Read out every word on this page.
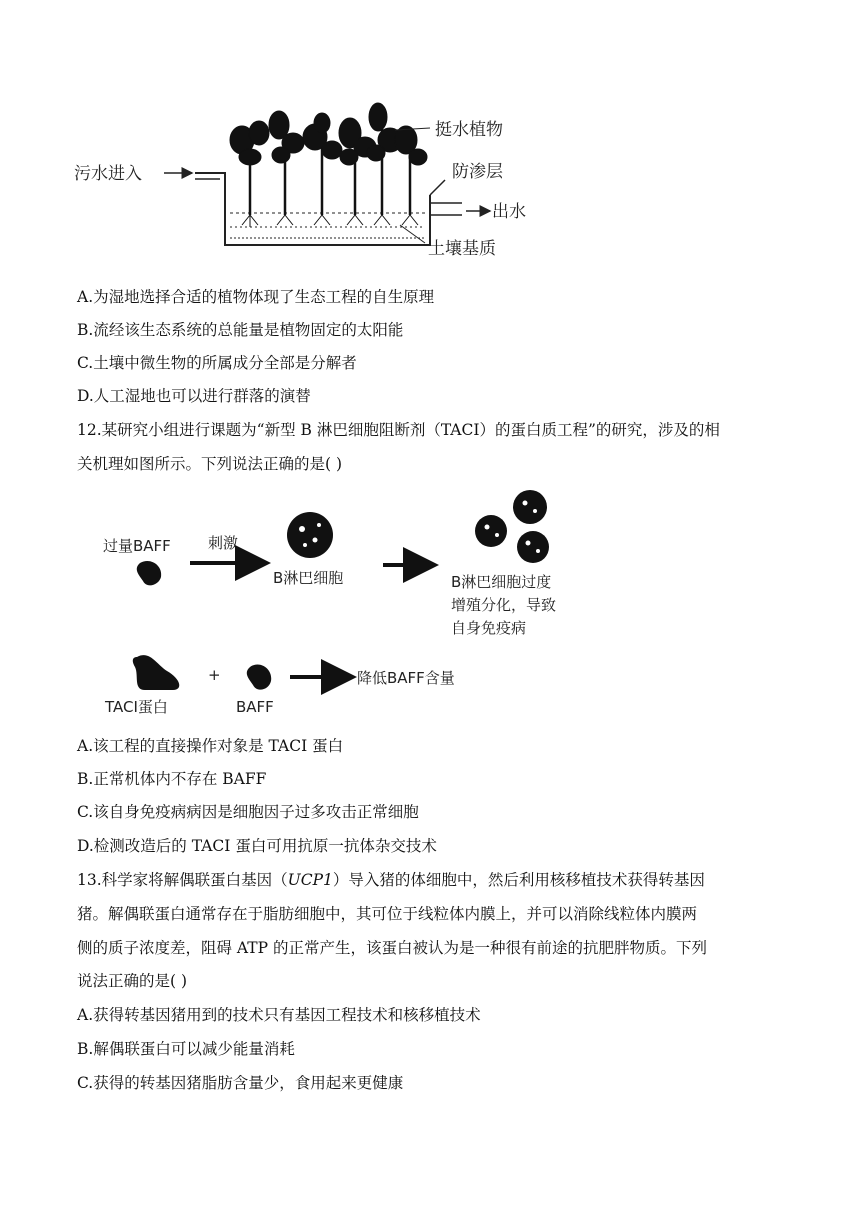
污水进入
挺水植物
防渗层
出水
土壤基质
A.为湿地选择合适的植物体现了生态工程的自生原理
B.流经该生态系统的总能量是植物固定的太阳能
C.土壤中微生物的所属成分全部是分解者
D.人工湿地也可以进行群落的演替
12.某研究小组进行课题为“新型 B 淋巴细胞阻断剂（TACI）的蛋白质工程”的研究，涉及的相
关机理如图所示。下列说法正确的是( )
过量BAFF 刺激
B淋巴细胞	B淋巴细胞过度
增殖分化，导致
自身免疫病
TACI蛋白
+
BAFF
降低BAFF含量
A.该工程的直接操作对象是 TACI 蛋白
B.正常机体内不存在 BAFF
C.该自身免疫病病因是细胞因子过多攻击正常细胞
D.检测改造后的 TACI 蛋白可用抗原一抗体杂交技术
13.科学家将解偶联蛋白基因（UCP1）导入猪的体细胞中，然后利用核移植技术获得转基因
猪。解偶联蛋白通常存在于脂肪细胞中，其可位于线粒体内膜上，并可以消除线粒体内膜两
侧的质子浓度差，阻碍 ATP 的正常产生，该蛋白被认为是一种很有前途的抗肥胖物质。下列
说法正确的是( )
A.获得转基因猪用到的技术只有基因工程技术和核移植技术
B.解偶联蛋白可以减少能量消耗
C.获得的转基因猪脂肪含量少，食用起来更健康
